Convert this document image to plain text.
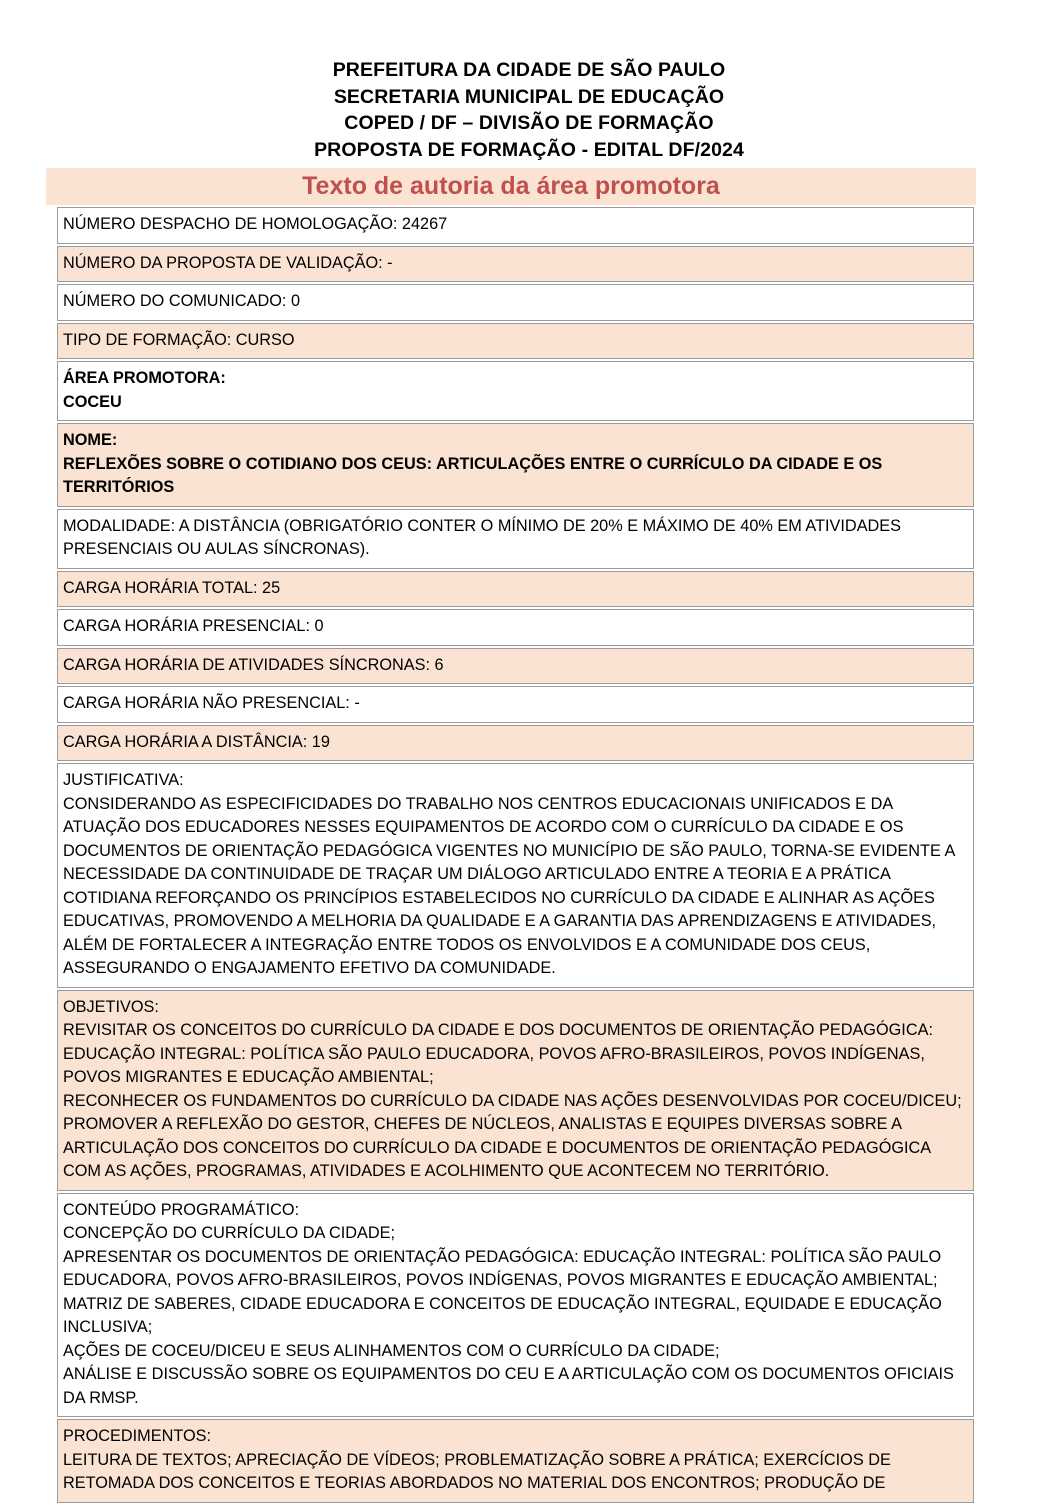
PREFEITURA DA CIDADE DE SÃO PAULO
SECRETARIA MUNICIPAL DE EDUCAÇÃO
COPED / DF – DIVISÃO DE FORMAÇÃO
PROPOSTA DE FORMAÇÃO - EDITAL DF/2024
Texto de autoria da área promotora
NÚMERO DESPACHO DE HOMOLOGAÇÃO: 24267
NÚMERO DA PROPOSTA DE VALIDAÇÃO: -
NÚMERO DO COMUNICADO: 0
TIPO DE FORMAÇÃO: CURSO

ÁREA PROMOTORA:
COCEU

NOME:
REFLEXÕES SOBRE O COTIDIANO DOS CEUS: ARTICULAÇÕES ENTRE O CURRÍCULO DA CIDADE E OS TERRITÓRIOS

MODALIDADE: A DISTÂNCIA (OBRIGATÓRIO CONTER O MÍNIMO DE 20% E MÁXIMO DE 40% EM ATIVIDADES PRESENCIAIS OU AULAS SÍNCRONAS).
CARGA HORÁRIA TOTAL: 25
CARGA HORÁRIA PRESENCIAL: 0
CARGA HORÁRIA DE ATIVIDADES SÍNCRONAS: 6
CARGA HORÁRIA NÃO PRESENCIAL: -
CARGA HORÁRIA A DISTÂNCIA: 19

JUSTIFICATIVA:
CONSIDERANDO AS ESPECIFICIDADES DO TRABALHO NOS CENTROS EDUCACIONAIS UNIFICADOS E DA ATUAÇÃO DOS EDUCADORES NESSES EQUIPAMENTOS DE ACORDO COM O CURRÍCULO DA CIDADE E OS DOCUMENTOS DE ORIENTAÇÃO PEDAGÓGICA VIGENTES NO MUNICÍPIO DE SÃO PAULO, TORNA-SE EVIDENTE A NECESSIDADE DA CONTINUIDADE DE TRAÇAR UM DIÁLOGO ARTICULADO ENTRE A TEORIA E A PRÁTICA COTIDIANA REFORÇANDO OS PRINCÍPIOS ESTABELECIDOS NO CURRÍCULO DA CIDADE E ALINHAR AS AÇÕES EDUCATIVAS, PROMOVENDO A MELHORIA DA QUALIDADE E A GARANTIA DAS APRENDIZAGENS E ATIVIDADES, ALÉM DE FORTALECER A INTEGRAÇÃO ENTRE TODOS OS ENVOLVIDOS E A COMUNIDADE DOS CEUS, ASSEGURANDO O ENGAJAMENTO EFETIVO DA COMUNIDADE.

OBJETIVOS:
REVISITAR OS CONCEITOS DO CURRÍCULO DA CIDADE E DOS DOCUMENTOS DE ORIENTAÇÃO PEDAGÓGICA: EDUCAÇÃO INTEGRAL: POLÍTICA SÃO PAULO EDUCADORA, POVOS AFRO-BRASILEIROS, POVOS INDÍGENAS, POVOS MIGRANTES E EDUCAÇÃO AMBIENTAL;
RECONHECER OS FUNDAMENTOS DO CURRÍCULO DA CIDADE NAS AÇÕES DESENVOLVIDAS POR COCEU/DICEU;
PROMOVER A REFLEXÃO DO GESTOR, CHEFES DE NÚCLEOS, ANALISTAS E EQUIPES DIVERSAS SOBRE A ARTICULAÇÃO DOS CONCEITOS DO CURRÍCULO DA CIDADE E DOCUMENTOS DE ORIENTAÇÃO PEDAGÓGICA COM AS AÇÕES, PROGRAMAS, ATIVIDADES E ACOLHIMENTO QUE ACONTECEM NO TERRITÓRIO.

CONTEÚDO PROGRAMÁTICO:
CONCEPÇÃO DO CURRÍCULO DA CIDADE;
APRESENTAR OS DOCUMENTOS DE ORIENTAÇÃO PEDAGÓGICA: EDUCAÇÃO INTEGRAL: POLÍTICA SÃO PAULO EDUCADORA, POVOS AFRO-BRASILEIROS, POVOS INDÍGENAS, POVOS MIGRANTES E EDUCAÇÃO AMBIENTAL;
MATRIZ DE SABERES, CIDADE EDUCADORA E CONCEITOS DE EDUCAÇÃO INTEGRAL, EQUIDADE E EDUCAÇÃO INCLUSIVA;
AÇÕES DE COCEU/DICEU E SEUS ALINHAMENTOS COM O CURRÍCULO DA CIDADE;
ANÁLISE E DISCUSSÃO SOBRE OS EQUIPAMENTOS DO CEU E A ARTICULAÇÃO COM OS DOCUMENTOS OFICIAIS DA RMSP.

PROCEDIMENTOS:
LEITURA DE TEXTOS; APRECIAÇÃO DE VÍDEOS; PROBLEMATIZAÇÃO SOBRE A PRÁTICA; EXERCÍCIOS DE RETOMADA DOS CONCEITOS E TEORIAS ABORDADOS NO MATERIAL DOS ENCONTROS; PRODUÇÃO DE
